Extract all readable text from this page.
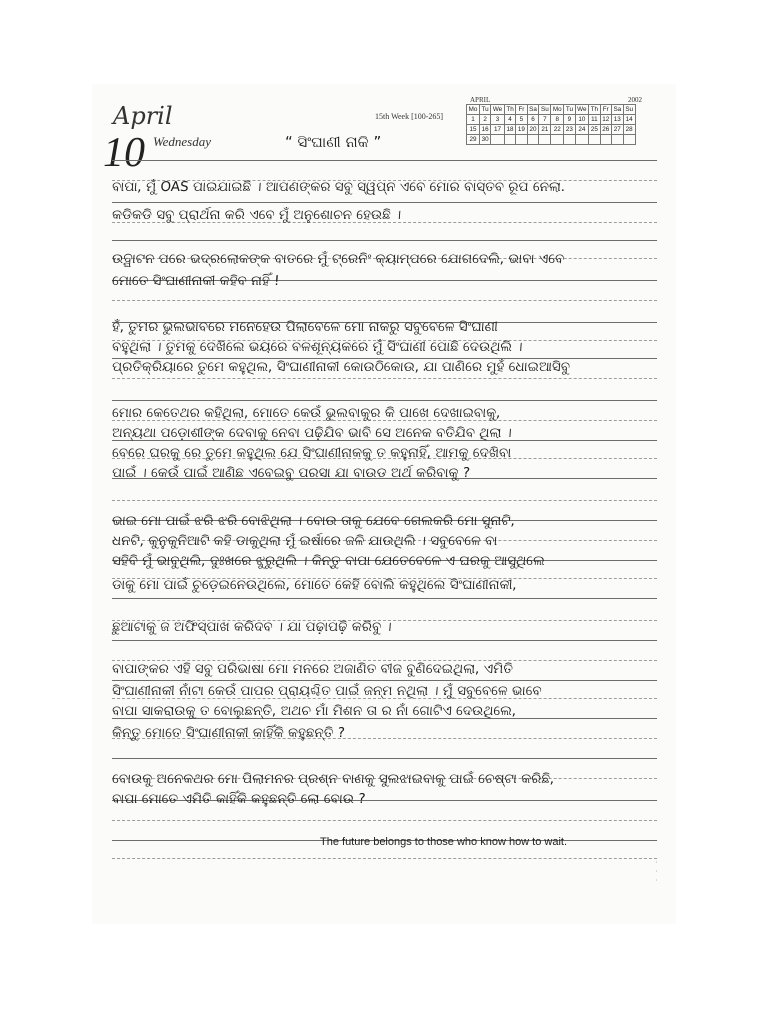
April	15th Week [100-265]
10 Wednesday	“ ସିଂଘାଣୀ ନାକି ”
APRIL	2002
Mo	Tu	We	Th	Fr	Sa	Su	Mo	Tu	We	Th	Fr	Sa	Su
1	2	3	4	5	6	7	8	9	10	11	12	13	14
15	16	17	18	19	20	21	22	23	24	25	26	27	28
29	30												
ବାପା, ମୁଁ OAS ପାଇଯାଇଛି । ଆପଣଙ୍କର ସବୁ ସ୍ୱପ୍ନ ଏବେ ମୋର ବାସ୍ତବ ରୂପ ନେଲା.
କଡିକଡି ସବୁ ପ୍ରାର୍ଥନା କରି ଏବେ ମୁଁ ଅନୁଶୋଚନ ହେଉଛି ।
ଉଦ୍ଘାଟନ ପରେ ଭଦ୍ରଲୋକଙ୍କ ବାତରେ ମୁଁ ଟ୍ରେନିଂ କ୍ୟାମ୍ପରେ ଯୋଗଦେଲି, ଭାବା ଏବେ
ମୋତେ ସିଂଘାଣୀନାକୀ କହିବ ନାହିଁ !
ହଁ, ତୁମର ଭୁଲଭାବରେ ମନେହେଉ ପିଲାବେଳେ ମୋ ନାକରୁ ସବୁବେଳେ ସିଂଘାଣୀ
ବହୁଥିଲା । ତୁମକୁ ଦେଖିଲେ ଭୟରେ ବଳଶୂନ୍ୟକରେ ମୁଁ ସିଂଘାଣୀ ପୋଛି ଦେଉଥିଲି ।
ପ୍ରତିକ୍ରିୟାରେ ତୁମେ କହୁଥିଲ, ସିଂଘାଣୀନାକୀ କୋଉଠିକୋଉ, ଯା ପାଣିରେ ମୁହଁ ଧୋଇଆସିବୁ
ମୋର କେତେଥର କହିଥିଲା, ମୋତେ କେଉଁ ଭୁଲବାକୁର କି ପାଖେ ଦେଖାଇବାକୁ,
ଅନ୍ୟଥା ପଡ଼ୋଶୀଙ୍କ ଦେବାକୁ ନେବା ପଢ଼ିଯିବ ଭାବି ସେ ଅନେକ ବତିଯିବ ଥିଲା ।
ବେରେ ଘରକୁ ରେ ତୁମେ କହୁଥିଲ ଯେ ସିଂଘାଣୀନାକକୁ ତ କହୁନାହିଁ, ଆମକୁ ଦେଖିବା
ପାଇଁ । କେଉଁ ପାଇଁ ଆଣିଛ ଏବେଇବୁ ପରସା ଯା ବାଉଡ ଅର୍ଥ କରିବାକୁ ?
ଭାଇ ମୋ ପାଇଁ ଝରି ଝରି ବୋଝିଥିଲା । ବୋଉ ତାକୁ ଯେବେ ଗେଲକରି ମୋ ସୁନାଟି,
ଧନଟି, କୁନୁକୁନିଆଟି କହି ଡାକୁଥିଲା ମୁଁ ଇର୍ଷାରେ ଜଳି ଯାଉଥିଲି । ସବୁବେଳେ ବା
ସହିବି ମୁଁ ଭାବୁଥିଲି, ଦୁଃଖରେ ଝୁରୁଥିଲି । କିନ୍ତୁ ବାପା ଯେତେବେଳେ ଏ ଘରକୁ ଆସୁଥିଲେ
ଡାକୁ ମୋ ପାଇଁ ଚୁଡ଼େଇନେଉଥିଲେ, ମୋତେ କେହି ବୋଲି କହୁଥିଲେ ସିଂଘାଣୀନାକୀ,
ଛୁଆଟାକୁ ଜ ଅଫିସ୍ପାଖ କରିଦବ । ଯା ପଢ଼ାପଢ଼ି କରିବୁ ।
ବାପାଙ୍କର ଏହି ସବୁ ପରିଭାଷା ମୋ ମନରେ ଅଜାଣିତ ବୀଜ ବୁଣିଦେଇଥିଲା, ଏମିତି
ସିଂଘାଣୀନାକୀ ନାଁଟା କେଉଁ ପାପର ପ୍ରାୟଶ୍ଚିତ ପାଇଁ ଜନ୍ମ ନଥିଲା । ମୁଁ ସବୁବେଳେ ଭାବେ
ବାପା ସାକରାଉକୁ ତ ବୋଲୁଛନ୍ତି, ଅଥଚ ମାଁ ମିଶନ ତା ର ନାଁ ଗୋଟିଏ ଦେଉଥିଲେ,
କିନ୍ତୁ ମୋତେ ସିଂଘାଣୀନାକୀ କାହିଁକି କହୁଛନ୍ତି ?
ବୋଉକୁ ଅନେକଥର ମୋ ପିଲାମନର ପ୍ରଶ୍ନ ବାଣକୁ ସୁଲଝାଇବାକୁ ପାଇଁ ଚେଷ୍ଟା କରିଛି,
ବାପା ମୋତେ ଏମିତି କାହିଁକି କହୁଛନ୍ତି ଲୋ ବୋଉ ?
The future belongs to those who know how to wait.
·
·
·
